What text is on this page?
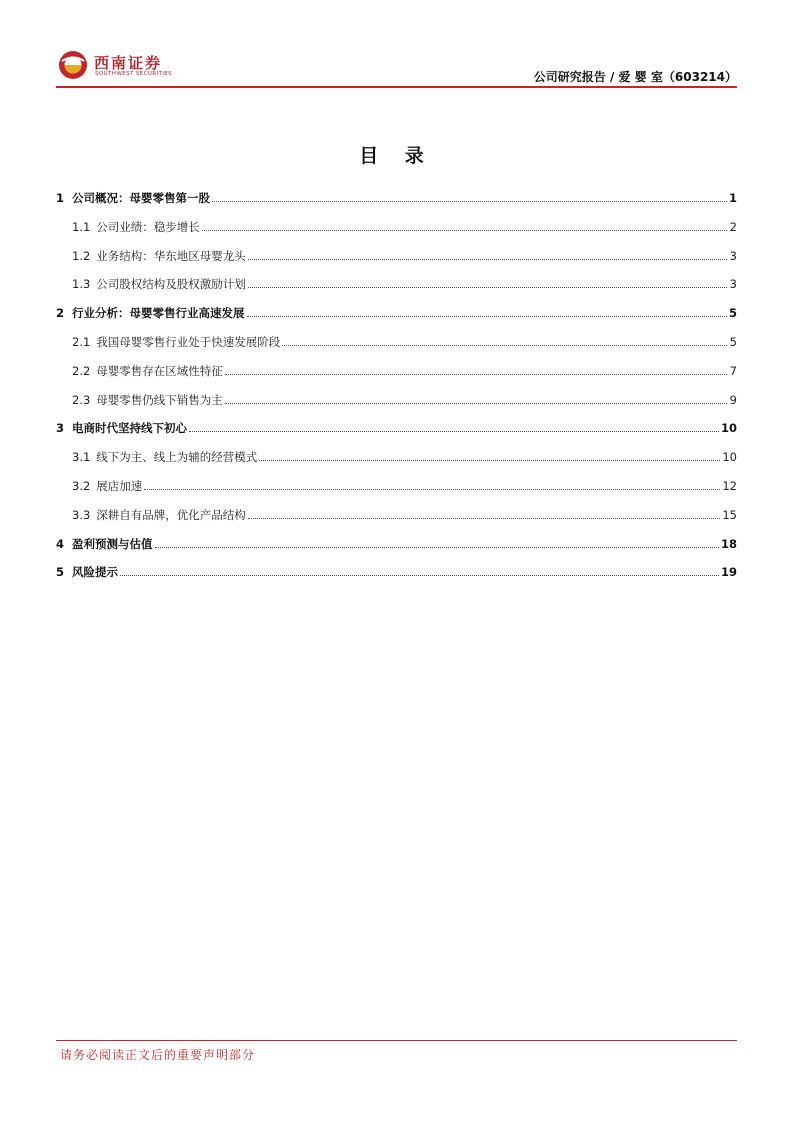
西南证券
SOUTHWEST SECURITIES	公司研究报告 / 爱 婴 室（603214）
目 录
1 公司概况：母婴零售第一股	1
1.1 公司业绩：稳步增长	2
1.2 业务结构：华东地区母婴龙头	3
1.3 公司股权结构及股权激励计划	3
2 行业分析：母婴零售行业高速发展	5
2.1 我国母婴零售行业处于快速发展阶段	5
2.2 母婴零售存在区域性特征	7
2.3 母婴零售仍线下销售为主	9
3 电商时代坚持线下初心	10
3.1 线下为主、线上为辅的经营模式	10
3.2 展店加速	12
3.3 深耕自有品牌，优化产品结构	15
4 盈利预测与估值	18
5 风险提示	19
请务必阅读正文后的重要声明部分
